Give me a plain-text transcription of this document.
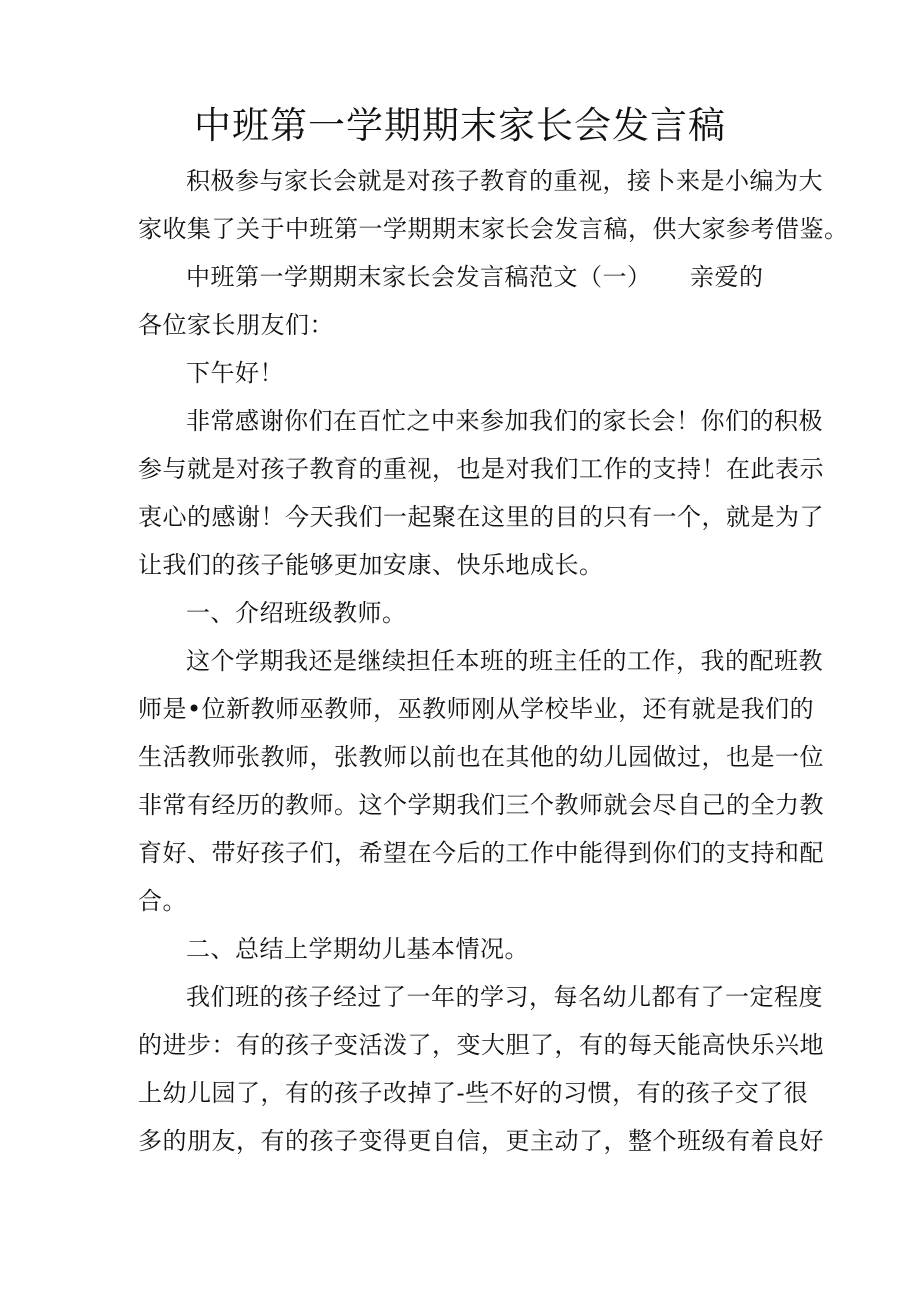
中班第一学期期末家长会发言稿
积极参与家长会就是对孩子教育的重视，接卜来是小编为大
家收集了关于中班第一学期期末家长会发言稿，供大家参考借鉴。
中班第一学期期末家长会发言稿范文（一） 亲爱的
各位家长朋友们：
下午好！
非常感谢你们在百忙之中来参加我们的家长会！你们的积极
参与就是对孩子教育的重视，也是对我们工作的支持！在此表示
衷心的感谢！今天我们一起聚在这里的目的只有一个，就是为了
让我们的孩子能够更加安康、快乐地成长。
一、介绍班级教师。
这个学期我还是继续担任本班的班主任的工作，我的配班教
师是•位新教师巫教师，巫教师刚从学校毕业，还有就是我们的
生活教师张教师，张教师以前也在其他的幼儿园做过，也是一位
非常有经历的教师。这个学期我们三个教师就会尽自己的全力教
育好、带好孩子们，希望在今后的工作中能得到你们的支持和配
合。
二、总结上学期幼儿基本情况。
我们班的孩子经过了一年的学习，每名幼儿都有了一定程度
的进步：有的孩子变活泼了，变大胆了，有的每天能高快乐兴地
上幼儿园了，有的孩子改掉了-些不好的习惯，有的孩子交了很
多的朋友，有的孩子变得更自信，更主动了，整个班级有着良好
